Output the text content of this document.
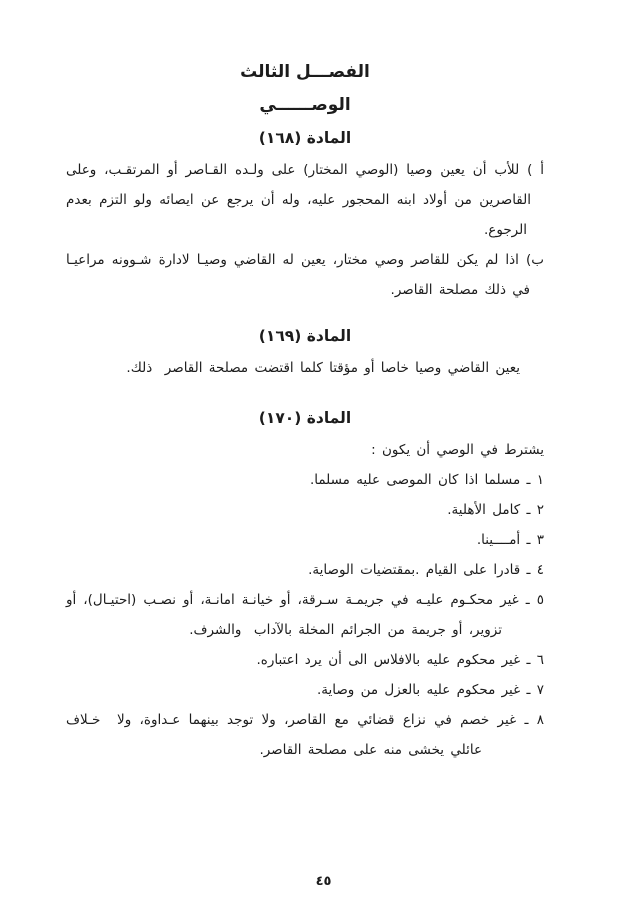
الفصـــل الثالث
الوصــــــي
المادة (١٦٨)
أ ) للأب أن يعين وصيا (الوصي المختار) على ولـده القـاصر أو المرتقـب، وعلى
القاصرين من أولاد ابنه المحجور عليه، وله أن يرجع عن ايصائه ولو التزم بعدم
الرجوع.
ب) اذا لم يكن للقاصر وصي مختار، يعين له القاضي وصيـا لادارة شـوونه مراعيـا
في ذلك مصلحة القاصر.
المادة (١٦٩)
يعين القاضي وصيا خاصا أو مؤقتا كلما اقتضت مصلحة القاصر  ذلك.
المادة (١٧٠)
يشترط في الوصي أن يكون :
١ ـ مسلما اذا كان الموصى عليه مسلما.
٢ ـ كامل الأهلية.
٣ ـ أمــــينا.
٤ ـ قادرا على القيام .بمقتضيات الوصاية.
٥ ـ غير محكـوم عليـه في جريمـة سـرقة، أو خيانـة امانـة، أو نصـب (احتيـال)، أو
تزوير، أو جريمة من الجرائم المخلة بالآداب  والشرف.
٦ ـ غير محكوم عليه بالافلاس الى أن يرد اعتباره.
٧ ـ غير محكوم عليه بالعزل من وصاية.
٨ ـ غير خصم في نزاع قضائي مع القاصر، ولا توجد بينهما عـداوة، ولا  خـلاف
عائلي يخشى منه على مصلحة القاصر.
٤٥
